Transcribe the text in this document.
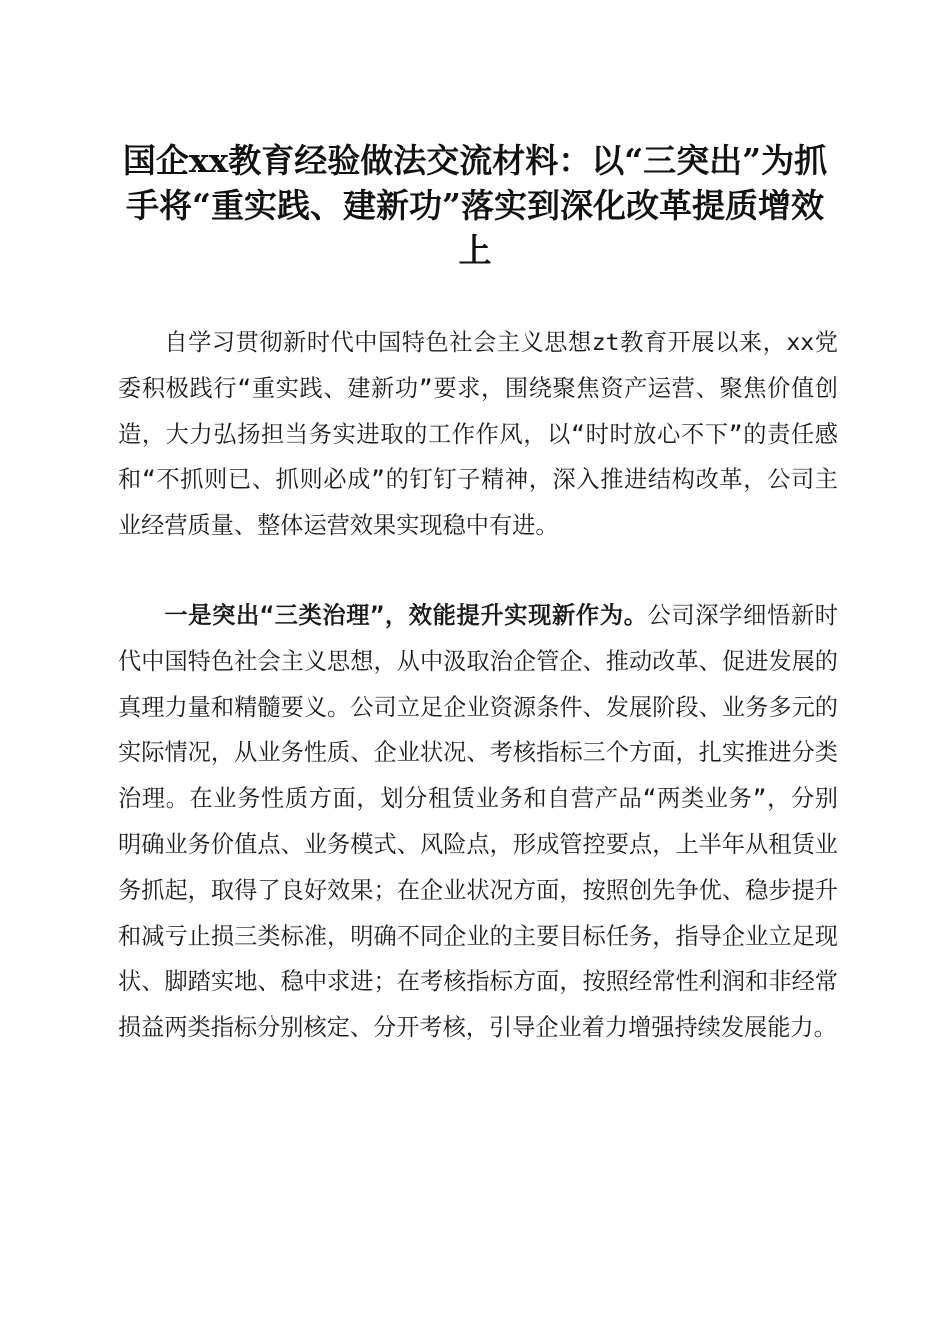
国企xx教育经验做法交流材料：以“三突出”为抓手将“重实践、建新功”落实到深化改革提质增效上

自学习贯彻新时代中国特色社会主义思想zt教育开展以来，xx党委积极践行“重实践、建新功”要求，围绕聚焦资产运营、聚焦价值创造，大力弘扬担当务实进取的工作作风，以“时时放心不下”的责任感和“不抓则已、抓则必成”的钉钉子精神，深入推进结构改革，公司主业经营质量、整体运营效果实现稳中有进。

一是突出“三类治理”，效能提升实现新作为。公司深学细悟新时代中国特色社会主义思想，从中汲取治企管企、推动改革、促进发展的真理力量和精髓要义。公司立足企业资源条件、发展阶段、业务多元的实际情况，从业务性质、企业状况、考核指标三个方面，扎实推进分类治理。在业务性质方面，划分租赁业务和自营产品“两类业务”，分别明确业务价值点、业务模式、风险点，形成管控要点，上半年从租赁业务抓起，取得了良好效果；在企业状况方面，按照创先争优、稳步提升和减亏止损三类标准，明确不同企业的主要目标任务，指导企业立足现状、脚踏实地、稳中求进；在考核指标方面，按照经常性利润和非经常损益两类指标分别核定、分开考核，引导企业着力增强持续发展能力。
